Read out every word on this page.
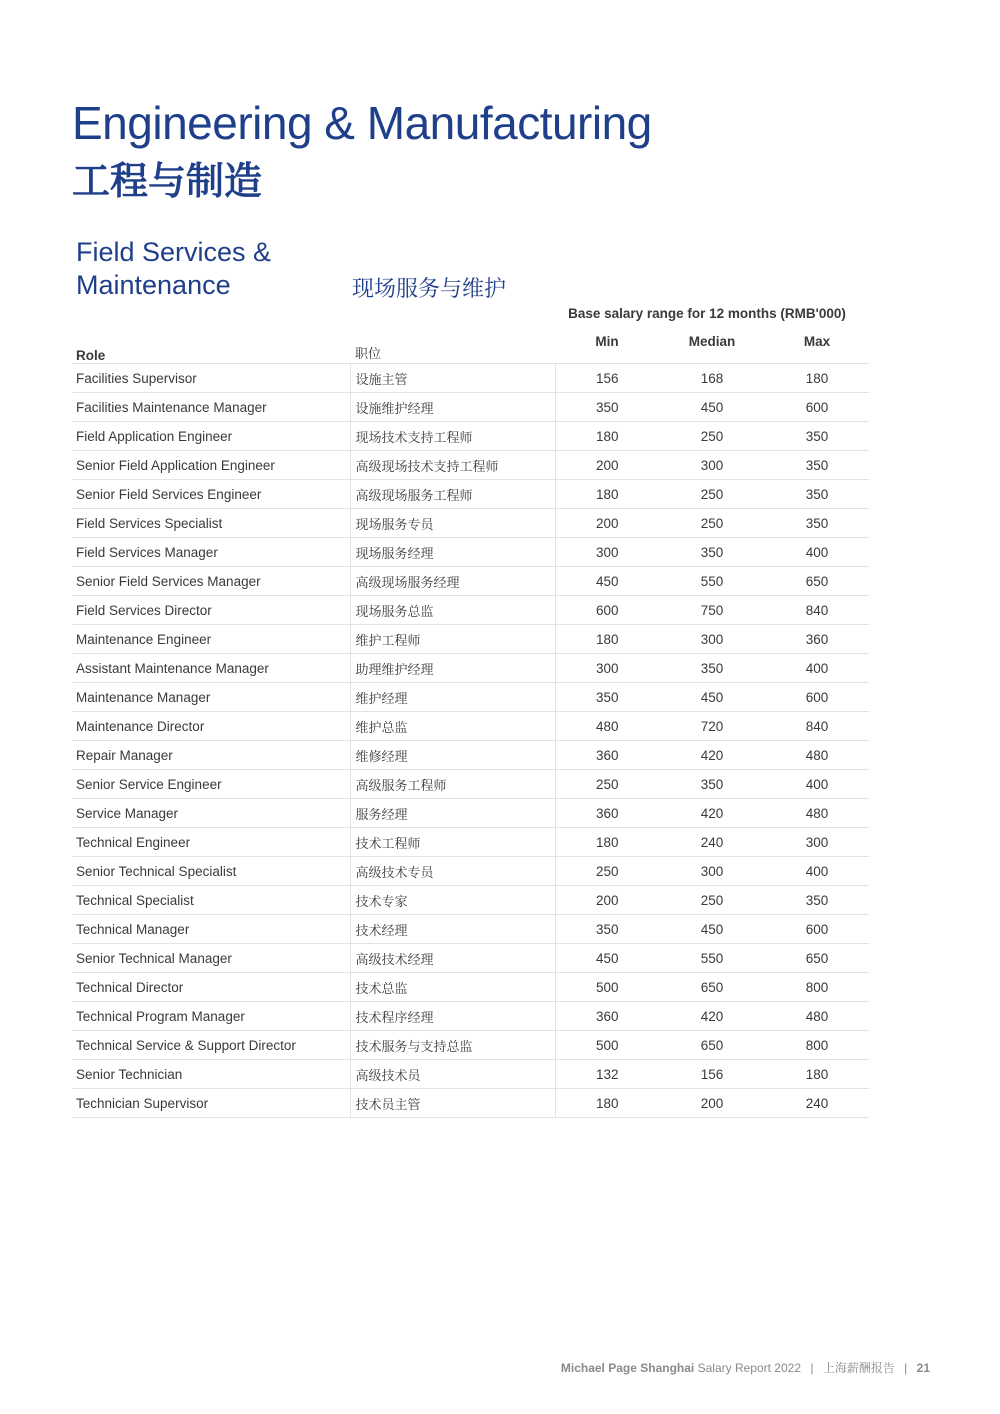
Engineering & Manufacturing
工程与制造
Field Services &
Maintenance	现场服务与维护
Base salary range for 12 months (RMB'000)
Role	职位	Min	Median	Max
Facilities Supervisor	设施主管	156	168	180
Facilities Maintenance Manager	设施维护经理	350	450	600
Field Application Engineer	现场技术支持工程师	180	250	350
Senior Field Application Engineer	高级现场技术支持工程师	200	300	350
Senior Field Services Engineer	高级现场服务工程师	180	250	350
Field Services Specialist	现场服务专员	200	250	350
Field Services Manager	现场服务经理	300	350	400
Senior Field Services Manager	高级现场服务经理	450	550	650
Field Services Director	现场服务总监	600	750	840
Maintenance Engineer	维护工程师	180	300	360
Assistant Maintenance Manager	助理维护经理	300	350	400
Maintenance Manager	维护经理	350	450	600
Maintenance Director	维护总监	480	720	840
Repair Manager	维修经理	360	420	480
Senior Service Engineer	高级服务工程师	250	350	400
Service Manager	服务经理	360	420	480
Technical Engineer	技术工程师	180	240	300
Senior Technical Specialist	高级技术专员	250	300	400
Technical Specialist	技术专家	200	250	350
Technical Manager	技术经理	350	450	600
Senior Technical Manager	高级技术经理	450	550	650
Technical Director	技术总监	500	650	800
Technical Program Manager	技术程序经理	360	420	480
Technical Service & Support Director	技术服务与支持总监	500	650	800
Senior Technician	高级技术员	132	156	180
Technician Supervisor	技术员主管	180	200	240
Michael Page Shanghai Salary Report 2022 | 上海薪酬报告 | 21
